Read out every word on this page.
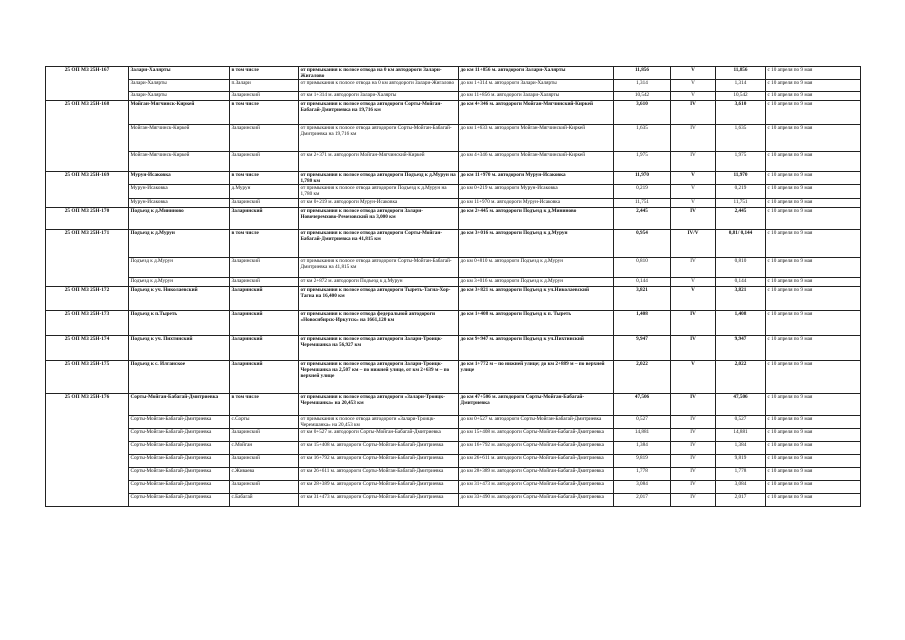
25 ОП МЗ 25Н-167	Залари-Халярты	в том числе	от примыкания к полосе отвода на 0 км автодороги Залари-Жигалово	до км 11+856 м. автодороги Залари-Халярты	11,856	V	11,856	с 10 апреля по 9 мая
	Залари-Халярты	п.Залари	от примыкания к полосе отвода на 0 км автодороги Залари-Жигалово	до км 1+314 м. автодороги Залари-Халярты	1,314	V	1,314	с 10 апреля по 9 мая
	Залари-Халярты	Заларинский	от км 1+314 м. автодороги Залари-Халярты	до км 11+856 м. автодороги Залари-Халярты	10,542	V	10,542	с 10 апреля по 9 мая
25 ОП МЗ 25Н-168	Мойган-Мягчинск-Киркей	в том числе	от примыкания к полосе отвода автодороги Сорты-Мойган-Бабагай-Дмитриевка на 19,716 км	до км 4+346 м. автодороги Мойган-Мягчинский-Киркей	3,610	IV	3,610	с 10 апреля по 9 мая
	Мойган-Мягчинск-Киркей	Заларинский	от примыкания к полосе отвода автодороги Сорты-Мойган-Бабагай-Дмитриевка на 19,716 км	до км 1+633 м. автодороги Мойган-Мягчинский-Киркей	1,635	IV	1,635	с 10 апреля по 9 мая
	Мойган-Мягчинск-Киркей	Заларинский	от км 2+371 м. автодороги Мойган-Мягчинский-Киркей	до км 4+346 м. автодороги Мойган-Мягчинский-Киркей	1,975	IV	1,975	с 10 апреля по 9 мая
25 ОП МЗ 25Н-169	Мурун-Исаковка	в том числе	от примыкания к полосе отвода автодороги Подъезд к д.Мурун на 1,780 км	до км 11+970 м. автодороги Мурун-Исаковка	11,970	V	11,970	с 10 апреля по 9 мая
	Мурун-Исаковка	д.Мурун	от примыкания к полосе отвода автодороги Подъезд к д.Мурун на 1,780 км	до км 0+219 м. автодороги Мурун-Исаковка	0,219	V	0,219	с 10 апреля по 9 мая
	Мурун-Исаковка	Заларинский	от км 0+219 м. автодороги Мурун-Исаковка	до км 11+970 м. автодороги Мурун-Исаковка	11,751	V	11,751	с 10 апреля по 9 мая
25 ОП МЗ 25Н-170	Подъезд к д.Мининово	Заларинский	от примыкания к полосе отвода автодороги Залари-Новочеремхово-Ремезовский на 3,000 км	до км 2+445 м. автодороги Подъезд к д.Мининово	2,445	IV	2,445	с 10 апреля по 9 мая
25 ОП МЗ 25Н-171	Подъезд к д.Мурун	в том числе	от примыкания к полосе отвода автодороги Сорты-Мойган-Бабагай-Дмитриевка на 41,815 км	до км 3+016 м. автодороги Подъезд к д.Мурун	0,954	IV/V	0,81/ 0,144	с 10 апреля по 9 мая
	Подъезд к д.Мурун	Заларинский	от примыкания к полосе отвода автодороги Сорты-Мойган-Бабагай-Дмитриевка на 41,815 км	до км 0+810 м. автодороги Подъезд к д.Мурун	0,810	IV	0,810	с 10 апреля по 9 мая
	Подъезд к д.Мурун	Заларинский	от км 2+872 м. автодороги Подъезд к д.Мурун	до км 3+016 м. автодороги Подъезд к д.Мурун	0,144	V	0,144	с 10 апреля по 9 мая
25 ОП МЗ 25Н-172	Подъезд к уч. Николаевский	Заларинский	от примыкания к полосе отвода автодороги Тыреть-Тагна-Хор-Тагна на 16,400 км	до км 3+821 м. автодороги Подъезд к уч.Николаевский	3,821	V	3,821	с 10 апреля по 9 мая
25 ОП МЗ 25Н-173	Подъезд к п.Тыреть	Заларинский	от примыкания к полосе отвода федеральной автодороги «Новосибирск-Иркутск» на 1661,120 км	до км 1+408 м. автодороги Подъезд к п. Тыреть	1,408	IV	1,408	с 10 апреля по 9 мая
25 ОП МЗ 25Н-174	Подъезд к уч. Пихтинский	Заларинский	от примыкания к полосе отвода автодороги Залари-Троицк-Черемшанка на 56,927 км	до км 9+947 м. автодороги Подъезд к уч.Пихтинский	9,947	IV	9,947	с 10 апреля по 9 мая
25 ОП МЗ 25Н-175	Подъезд к с. Илганское	Заларинский	от примыкания к полосе отвода автодороги Залари-Троицк-Черемшанка на 2,507 км – по нижней улице, от км 2+639 м – по верхней улице	до км 1+772 м – по нижней улице; до км 2+889 м – по верхней улице	2,022	V	2,022	с 10 апреля по 9 мая
25 ОП МЗ 25Н-176	Сорты-Мойган-Бабагай-Дмитриевка	в том числе	от примыкания к полосе отвода автодороги «Залари-Троицк-Черемшанка» на 20,453 км	до км 47+506 м. автодороги Сорты-Мойган-Бабагай-Дмитриевка	47,506	IV	47,506	с 10 апреля по 9 мая
	Сорты-Мойган-Бабагай-Дмитриевка	с.Сорты	от примыкания к полосе отвода автодороги «Залари-Троицк-Черемшанка» на 20,453 км	до км 0+527 м. автодороги Сорты-Мойган-Бабагай-Дмитриевка	0,527	IV	0,527	с 10 апреля по 9 мая
	Сорты-Мойган-Бабагай-Дмитриевка	Заларинский	от км 0+527 м. автодороги Сорты-Мойган-Бабагай-Дмитриевка	до км 15+408 м. автодороги Сорты-Мойган-Бабагай-Дмитриевка	14,881	IV	14,881	с 10 апреля по 9 мая
	Сорты-Мойган-Бабагай-Дмитриевка	с.Мойган	от км 15+408 м. автодороги Сорты-Мойган-Бабагай-Дмитриевка	до км 16+792 м. автодороги Сорты-Мойган-Бабагай-Дмитриевка	1,384	IV	1,384	с 10 апреля по 9 мая
	Сорты-Мойган-Бабагай-Дмитриевка	Заларинский	от км 16+792 м. автодороги Сорты-Мойган-Бабагай-Дмитриевка	до км 26+611 м. автодороги Сорты-Мойган-Бабагай-Дмитриевка	9,819	IV	9,819	с 10 апреля по 9 мая
	Сорты-Мойган-Бабагай-Дмитриевка	с.Живаева	от км 26+611 м. автодороги Сорты-Мойган-Бабагай-Дмитриевка	до км 28+389 м. автодороги Сорты-Мойган-Бабагай-Дмитриевка	1,778	IV	1,778	с 10 апреля по 9 мая
	Сорты-Мойган-Бабагай-Дмитриевка	Заларинский	от км 28+389 м. автодороги Сорты-Мойган-Бабагай-Дмитриевка	до км 31+473 м. автодороги Сорты-Мойган-Бабагай-Дмитриевка	3,084	IV	3,084	с 10 апреля по 9 мая
	Сорты-Мойган-Бабагай-Дмитриевка	с.Бабагай	от км 31+473 м. автодороги Сорты-Мойган-Бабагай-Дмитриевка	до км 33+490 м. автодороги Сорты-Мойган-Бабагай-Дмитриевка	2,017	IV	2,017	с 10 апреля по 9 мая
